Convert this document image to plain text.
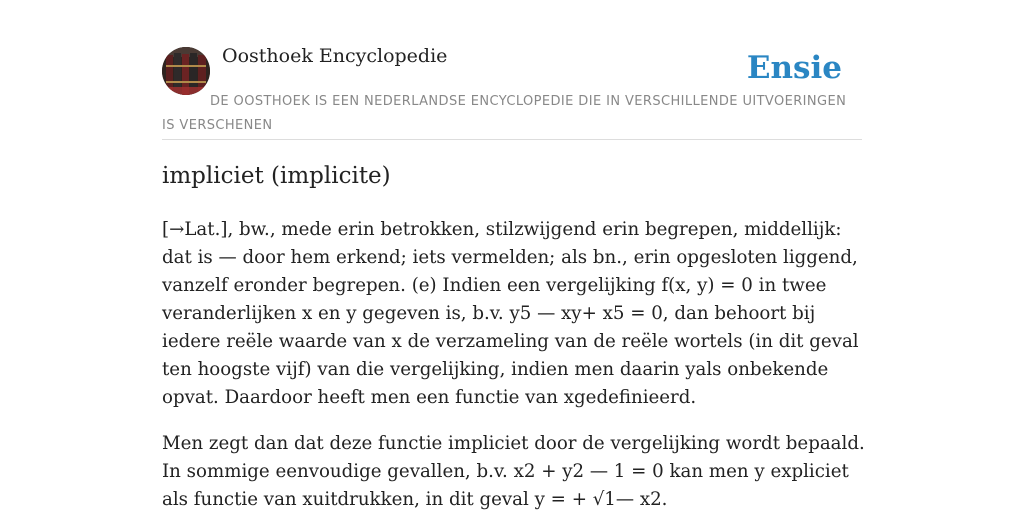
Oosthoek Encyclopedie	Ensie
DE OOSTHOEK IS EEN NEDERLANDSE ENCYCLOPEDIE DIE IN VERSCHILLENDE UITVOERINGEN IS VERSCHENEN
impliciet (implicite)

[→Lat.], bw., mede erin betrokken, stilzwijgend erin begrepen, middellijk: dat is — door hem erkend; iets vermelden; als bn., erin opgesloten liggend, vanzelf eronder begrepen. (e) Indien een vergelijking f(x, y) = 0 in twee veranderlijken x en y gegeven is, b.v. y5 — xy+ x5 = 0, dan behoort bij iedere reële waarde van x de verzameling van de reële wortels (in dit geval ten hoogste vijf) van die vergelijking, indien men daarin yals onbekende opvat. Daardoor heeft men een functie van xgedefinieerd.

Men zegt dan dat deze functie impliciet door de vergelijking wordt bepaald. In sommige eenvoudige gevallen, b.v. x2 + y2 — 1 = 0 kan men y expliciet als functie van xuitdrukken, in dit geval y = + √1— x2.
